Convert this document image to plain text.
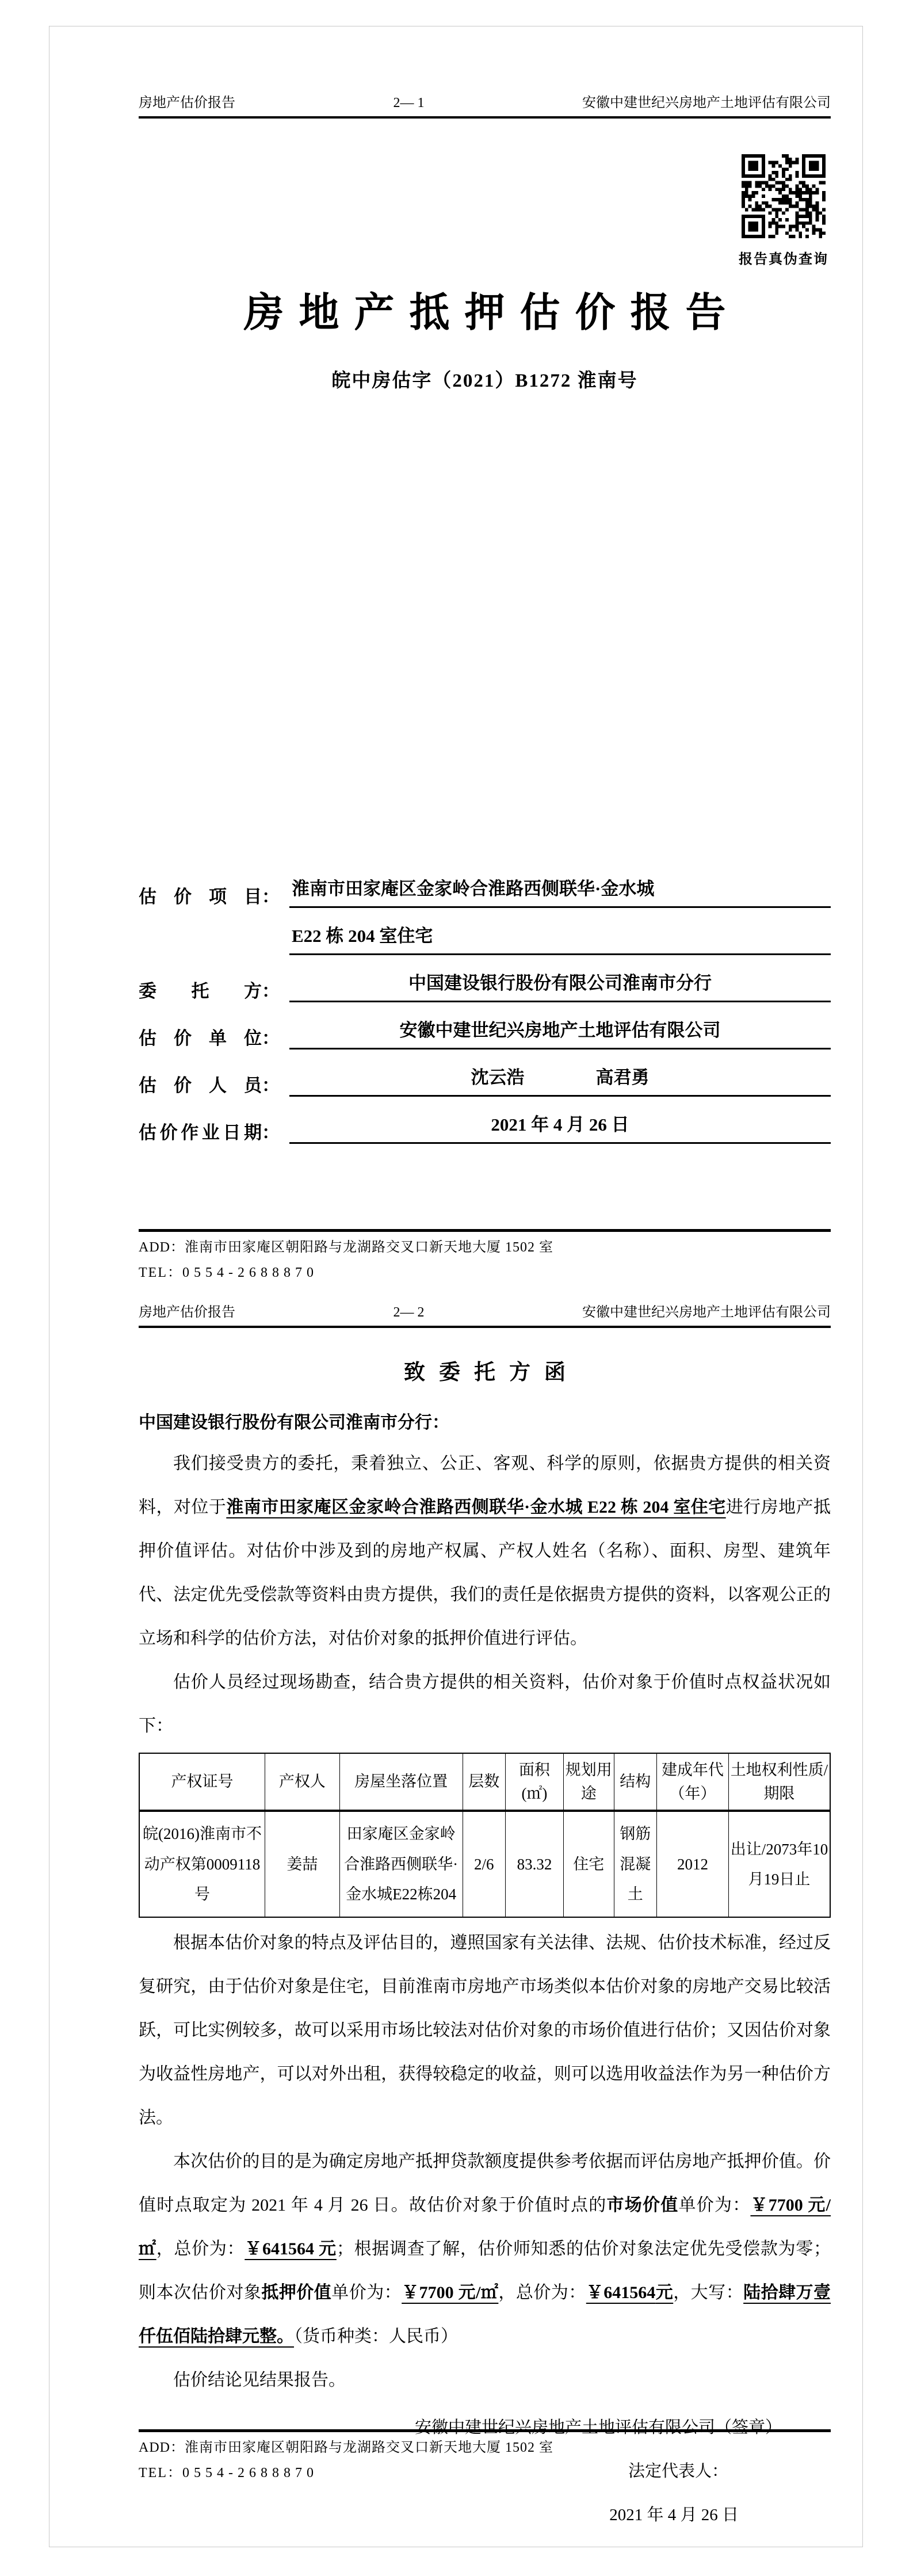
房地产估价报告	2— 1	安徽中建世纪兴房地产土地评估有限公司
报告真伪查询
房地产抵押估价报告
皖中房估字（2021）B1272 淮南号
估价项目： 淮南市田家庵区金家岭合淮路西侧联华·金水城
E22 栋 204 室住宅
委托方：	中国建设银行股份有限公司淮南市分行
估价单位：	安徽中建世纪兴房地产土地评估有限公司
估价人员：	沈云浩　　　　高君勇
估价作业日期：	2021 年 4 月 26 日
ADD：淮南市田家庵区朝阳路与龙湖路交叉口新天地大厦 1502 室
TEL：0554-2688870
房地产估价报告	2— 2	安徽中建世纪兴房地产土地评估有限公司
致委托方函
中国建设银行股份有限公司淮南市分行：

我们接受贵方的委托，秉着独立、公正、客观、科学的原则，依据贵方提供的相关资料，对位于淮南市田家庵区金家岭合淮路西侧联华·金水城 E22 栋 204 室住宅进行房地产抵押价值评估。对估价中涉及到的房地产权属、产权人姓名（名称）、面积、房型、建筑年代、法定优先受偿款等资料由贵方提供，我们的责任是依据贵方提供的资料，以客观公正的立场和科学的估价方法，对估价对象的抵押价值进行评估。

估价人员经过现场勘查，结合贵方提供的相关资料，估价对象于价值时点权益状况如下：

产权证号	产权人	房屋坐落位置	层数	面积(㎡)	规划用途	结构	建成年代（年）	土地权利性质/期限
皖(2016)淮南市不动产权第0009118号	姜喆	田家庵区金家岭合淮路西侧联华·金水城E22栋204	2/6	83.32	住宅	钢筋混凝土	2012	出让/2073年10月19日止

根据本估价对象的特点及评估目的，遵照国家有关法律、法规、估价技术标准，经过反复研究，由于估价对象是住宅，目前淮南市房地产市场类似本估价对象的房地产交易比较活跃，可比实例较多，故可以采用市场比较法对估价对象的市场价值进行估价；又因估价对象为收益性房地产，可以对外出租，获得较稳定的收益，则可以选用收益法作为另一种估价方法。

本次估价的目的是为确定房地产抵押贷款额度提供参考依据而评估房地产抵押价值。价值时点取定为 2021 年 4 月 26 日。故估价对象于价值时点的市场价值单价为：￥7700 元/㎡，总价为：￥641564 元；根据调查了解，估价师知悉的估价对象法定优先受偿款为零；则本次估价对象抵押价值单价为：￥7700 元/㎡，总价为：￥641564元，大写：陆拾肆万壹仟伍佰陆拾肆元整。（货币种类：人民币）

估价结论见结果报告。

安徽中建世纪兴房地产土地评估有限公司（签章）
法定代表人：
2021 年 4 月 26 日
ADD：淮南市田家庵区朝阳路与龙湖路交叉口新天地大厦 1502 室
TEL：0554-2688870
